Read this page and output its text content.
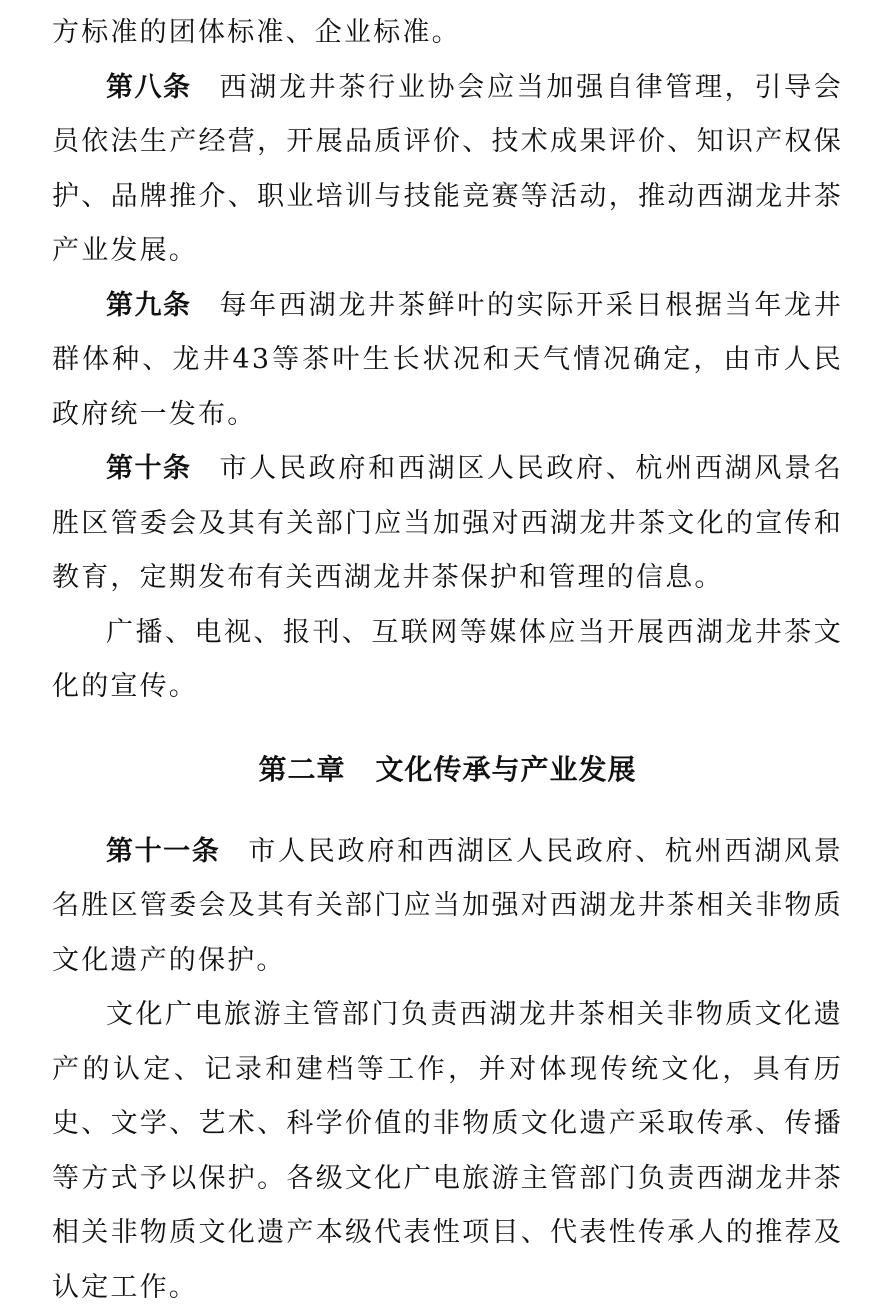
方标准的团体标准、企业标准。

第八条 西湖龙井茶行业协会应当加强自律管理，引导会员依法生产经营，开展品质评价、技术成果评价、知识产权保护、品牌推介、职业培训与技能竞赛等活动，推动西湖龙井茶产业发展。

第九条 每年西湖龙井茶鲜叶的实际开采日根据当年龙井群体种、龙井43等茶叶生长状况和天气情况确定，由市人民政府统一发布。

第十条 市人民政府和西湖区人民政府、杭州西湖风景名胜区管委会及其有关部门应当加强对西湖龙井茶文化的宣传和教育，定期发布有关西湖龙井茶保护和管理的信息。

广播、电视、报刊、互联网等媒体应当开展西湖龙井茶文化的宣传。

第二章 文化传承与产业发展

第十一条 市人民政府和西湖区人民政府、杭州西湖风景名胜区管委会及其有关部门应当加强对西湖龙井茶相关非物质文化遗产的保护。

文化广电旅游主管部门负责西湖龙井茶相关非物质文化遗产的认定、记录和建档等工作，并对体现传统文化，具有历史、文学、艺术、科学价值的非物质文化遗产采取传承、传播等方式予以保护。各级文化广电旅游主管部门负责西湖龙井茶相关非物质文化遗产本级代表性项目、代表性传承人的推荐及认定工作。
